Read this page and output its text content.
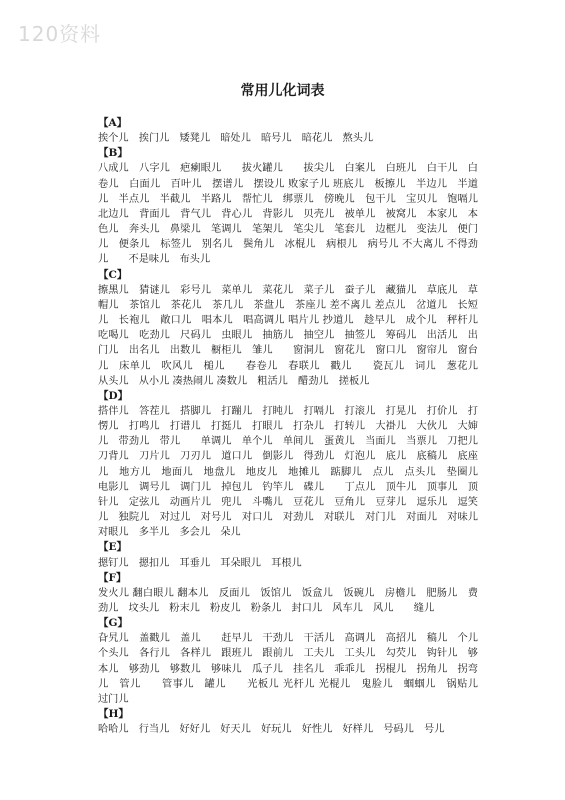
120资料
常用儿化词表
【A】
挨个儿　挨门儿　矮凳儿　暗处儿　暗号儿　暗花儿　熬头儿
【B】
八成儿　八字儿　疤瘌眼儿　　拔火罐儿　　拔尖儿　白案儿　白班儿　白干儿　白卷儿　白面儿　百叶儿　摆谱儿　摆设儿 败家子儿 班底儿　板擦儿　半边儿　半道儿　半点儿　半截儿　半路儿　帮忙儿　绑票儿　傍晚儿　包干儿　宝贝儿　饱嗝儿　北边儿　背面儿　背气儿　背心儿　背影儿　贝壳儿　被单儿　被窝儿　本家儿　本色儿　奔头儿　鼻梁儿　笔调儿　笔架儿　笔尖儿　笔套儿　边框儿　变法儿　便门儿　便条儿　标签儿　别名儿　鬓角儿　冰棍儿　病根儿　病号儿 不大离儿 不得劲儿　　不是味儿　布头儿
【C】
擦黑儿　猜谜儿　彩号儿　菜单儿　菜花儿　菜子儿　蚕子儿　藏猫儿　草底儿　草帽儿　茶馆儿　茶花儿　茶几儿　茶盘儿　茶座儿 差不离儿 差点儿　岔道儿　长短儿　长袍儿　敞口儿　唱本儿　唱高调儿 唱片儿 抄道儿　趁早儿　成个儿　秤杆儿　吃喝儿　吃劲儿　尺码儿　虫眼儿　抽筋儿　抽空儿　抽签儿　筹码儿　出活儿　出门儿　出名儿　出数儿　橱柜儿　雏儿　　窗洞儿　窗花儿　窗口儿　窗帘儿　窗台儿　床单儿　吹风儿　槌儿　　春卷儿　春联儿　戳儿　　瓷瓦儿　词儿　葱花儿　从头儿　从小儿 凑热闹儿 凑数儿　粗活儿　醋劲儿　搓板儿
【D】
搭伴儿　答茬儿　搭脚儿　打蹦儿　打盹儿　打嗝儿　打滚儿　打晃儿　打价儿　打愣儿　打鸣儿　打谱儿　打挺儿　打眼儿　打杂儿　打转儿　大褂儿　大伙儿　大婶儿　带劲儿　带儿　　单调儿　单个儿　单间儿　蛋黄儿　当面儿　当票儿　刀把儿　刀背儿　刀片儿　刀刃儿　道口儿　倒影儿　得劲儿　灯泡儿　底儿　底稿儿　底座儿　地方儿　地面儿　地盘儿　地皮儿　地摊儿　踮脚儿　点儿　点头儿　垫圈儿　电影儿　调号儿　调门儿　掉包儿　钓竿儿　碟儿　　丁点儿　顶牛儿　顶事儿　顶针儿　定弦儿　动画片儿　兜儿　斗嘴儿　豆花儿　豆角儿　豆芽儿　逗乐儿　逗笑儿　独院儿　对过儿　对号儿　对口儿　对劲儿　对联儿　对门儿　对面儿　对味儿　对眼儿　多半儿　多会儿　朵儿
【E】
摁钉儿　摁扣儿　耳垂儿　耳朵眼儿　耳根儿
【F】
发火儿 翻白眼儿 翻本儿　反面儿　饭馆儿　饭盒儿　饭碗儿　房檐儿　肥肠儿　费劲儿　坟头儿　粉末儿　粉皮儿　粉条儿　封口儿　风车儿　风儿　　缝儿
【G】
旮旯儿　盖戳儿　盖儿　　赶早儿　干劲儿　干活儿　高调儿　高招儿　稿儿　个儿　　个头儿　各行儿　各样儿　跟班儿　跟前儿　工夫儿　工头儿　勾芡儿　钩针儿　够本儿　够劲儿　够数儿　够味儿　瓜子儿　挂名儿　乖乖儿　拐棍儿　拐角儿　拐弯儿　管儿　　管事儿　罐儿　　光板儿 光杆儿 光棍儿　鬼脸儿　蝈蝈儿　锅贴儿　过门儿
【H】
哈哈儿　行当儿　好好儿　好天儿　好玩儿　好性儿　好样儿　号码儿　号儿
